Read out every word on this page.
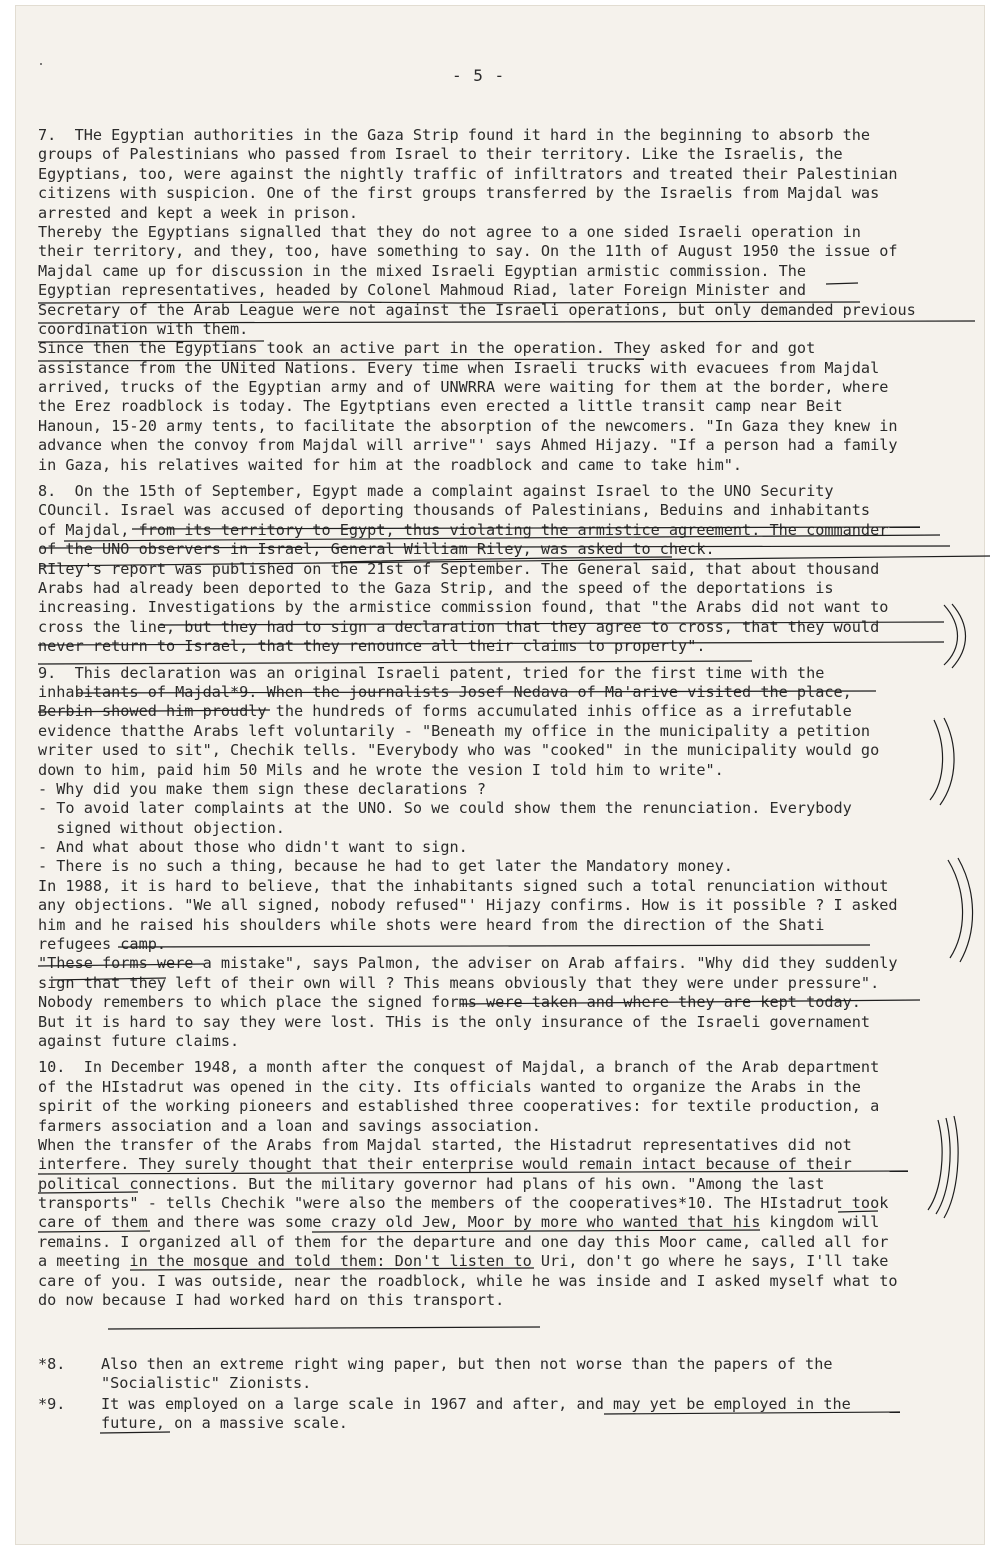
- 5 -
7.  THe Egyptian authorities in the Gaza Strip found it hard in the beginning to absorb the
groups of Palestinians who passed from Israel to their territory. Like the Israelis, the
Egyptians, too, were against the nightly traffic of infiltrators and treated their Palestinian
citizens with suspicion. One of the first groups transferred by the Israelis from Majdal was
arrested and kept a week in prison.
Thereby the Egyptians signalled that they do not agree to a one sided Israeli operation in
their territory, and they, too, have something to say. On the 11th of August 1950 the issue of
Majdal came up for discussion in the mixed Israeli Egyptian armistic commission. The
Egyptian representatives, headed by Colonel Mahmoud Riad, later Foreign Minister and
Secretary of the Arab League were not against the Israeli operations, but only demanded previous
coordination with them.
Since then the Egyptians took an active part in the operation. They asked for and got
assistance from the UNited Nations. Every time when Israeli trucks with evacuees from Majdal
arrived, trucks of the Egyptian army and of UNWRRA were waiting for them at the border, where
the Erez roadblock is today. The Egytptians even erected a little transit camp near Beit
Hanoun, 15-20 army tents, to facilitate the absorption of the newcomers. "In Gaza they knew in
advance when the convoy from Majdal will arrive"' says Ahmed Hijazy. "If a person had a family
in Gaza, his relatives waited for him at the roadblock and came to take him".
8.  On the 15th of September, Egypt made a complaint against Israel to the UNO Security
COuncil. Israel was accused of deporting thousands of Palestinians, Beduins and inhabitants
of Majdal, from its territory to Egypt, thus violating the armistice agreement. The commander
of the UNO observers in Israel, General William Riley, was asked to check.
RIley's report was published on the 21st of September. The General said, that about thousand
Arabs had already been deported to the Gaza Strip, and the speed of the deportations is
increasing. Investigations by the armistice commission found, that "the Arabs did not want to
cross the line, but they had to sign a declaration that they agree to cross, that they would
never return to Israel, that they renounce all their claims to property".
9.  This declaration was an original Israeli patent, tried for the first time with the
inhabitants of Majdal*9. When the journalists Josef Nedava of Ma'arive visited the place,
Berbin showed him proudly the hundreds of forms accumulated inhis office as a irrefutable
evidence thatthe Arabs left voluntarily - "Beneath my office in the municipality a petition
writer used to sit", Chechik tells. "Everybody who was "cooked" in the municipality would go
down to him, paid him 50 Mils and he wrote the vesion I told him to write".
- Why did you make them sign these declarations ?
- To avoid later complaints at the UNO. So we could show them the renunciation. Everybody
signed without objection.
- And what about those who didn't want to sign.
- There is no such a thing, because he had to get later the Mandatory money.
In 1988, it is hard to believe, that the inhabitants signed such a total renunciation without
any objections. "We all signed, nobody refused"' Hijazy confirms. How is it possible ? I asked
him and he raised his shoulders while shots were heard from the direction of the Shati
refugees camp.
"These forms were a mistake", says Palmon, the adviser on Arab affairs. "Why did they suddenly
sign that they left of their own will ? This means obviously that they were under pressure".
Nobody remembers to which place the signed forms were taken and where they are kept today.
But it is hard to say they were lost. THis is the only insurance of the Israeli governament
against future claims.
10.  In December 1948, a month after the conquest of Majdal, a branch of the Arab department
of the HIstadrut was opened in the city. Its officials wanted to organize the Arabs in the
spirit of the working pioneers and established three cooperatives: for textile production, a
farmers association and a loan and savings association.
When the transfer of the Arabs from Majdal started, the Histadrut representatives did not
interfere. They surely thought that their enterprise would remain intact because of their
political connections. But the military governor had plans of his own. "Among the last
transports" - tells Chechik "were also the members of the cooperatives*10. The HIstadrut took
care of them and there was some crazy old Jew, Moor by more who wanted that his kingdom will
remains. I organized all of them for the departure and one day this Moor came, called all for
a meeting in the mosque and told them: Don't listen to Uri, don't go where he says, I'll take
care of you. I was outside, near the roadblock, while he was inside and I asked myself what to
do now because I had worked hard on this transport.
*8. Also then an extreme right wing paper, but then not worse than the papers of the
"Socialistic" Zionists.
*9. It was employed on a large scale in 1967 and after, and may yet be employed in the
future, on a massive scale.
